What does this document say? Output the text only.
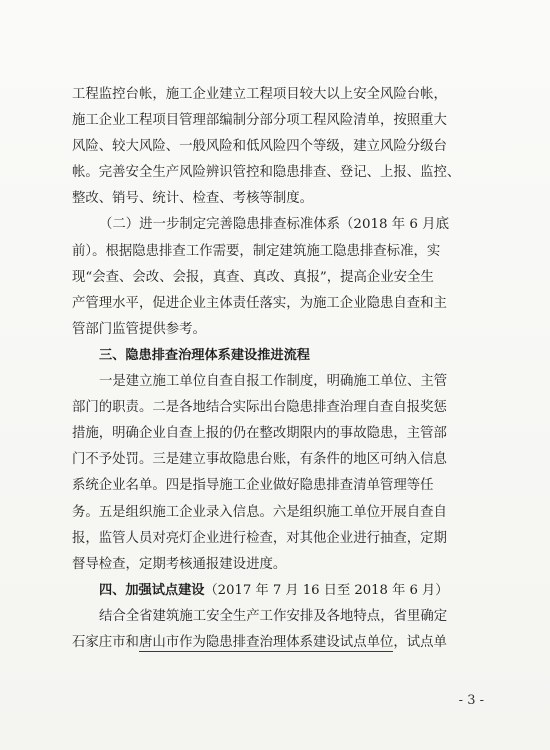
工程监控台帐，施工企业建立工程项目较大以上安全风险台帐，
施工企业工程项目管理部编制分部分项工程风险清单，按照重大
风险、较大风险、一般风险和低风险四个等级，建立风险分级台
帐。完善安全生产风险辨识管控和隐患排查、登记、上报、监控、
整改、销号、统计、检查、考核等制度。
（二）进一步制定完善隐患排查标准体系（2018 年 6 月底
前）。根据隐患排查工作需要，制定建筑施工隐患排查标准，实
现“会查、会改、会报，真查、真改、真报”，提高企业安全生
产管理水平，促进企业主体责任落实，为施工企业隐患自查和主
管部门监管提供参考。
三、隐患排查治理体系建设推进流程
一是建立施工单位自查自报工作制度，明确施工单位、主管
部门的职责。二是各地结合实际出台隐患排查治理自查自报奖惩
措施，明确企业自查上报的仍在整改期限内的事故隐患，主管部
门不予处罚。三是建立事故隐患台账，有条件的地区可纳入信息
系统企业名单。四是指导施工企业做好隐患排查清单管理等任
务。五是组织施工企业录入信息。六是组织施工单位开展自查自
报，监管人员对亮灯企业进行检查，对其他企业进行抽查，定期
督导检查，定期考核通报建设进度。
四、加强试点建设（2017 年 7 月 16 日至 2018 年 6 月）
结合全省建筑施工安全生产工作安排及各地特点，省里确定
石家庄市和唐山市作为隐患排查治理体系建设试点单位，试点单
- 3 -
